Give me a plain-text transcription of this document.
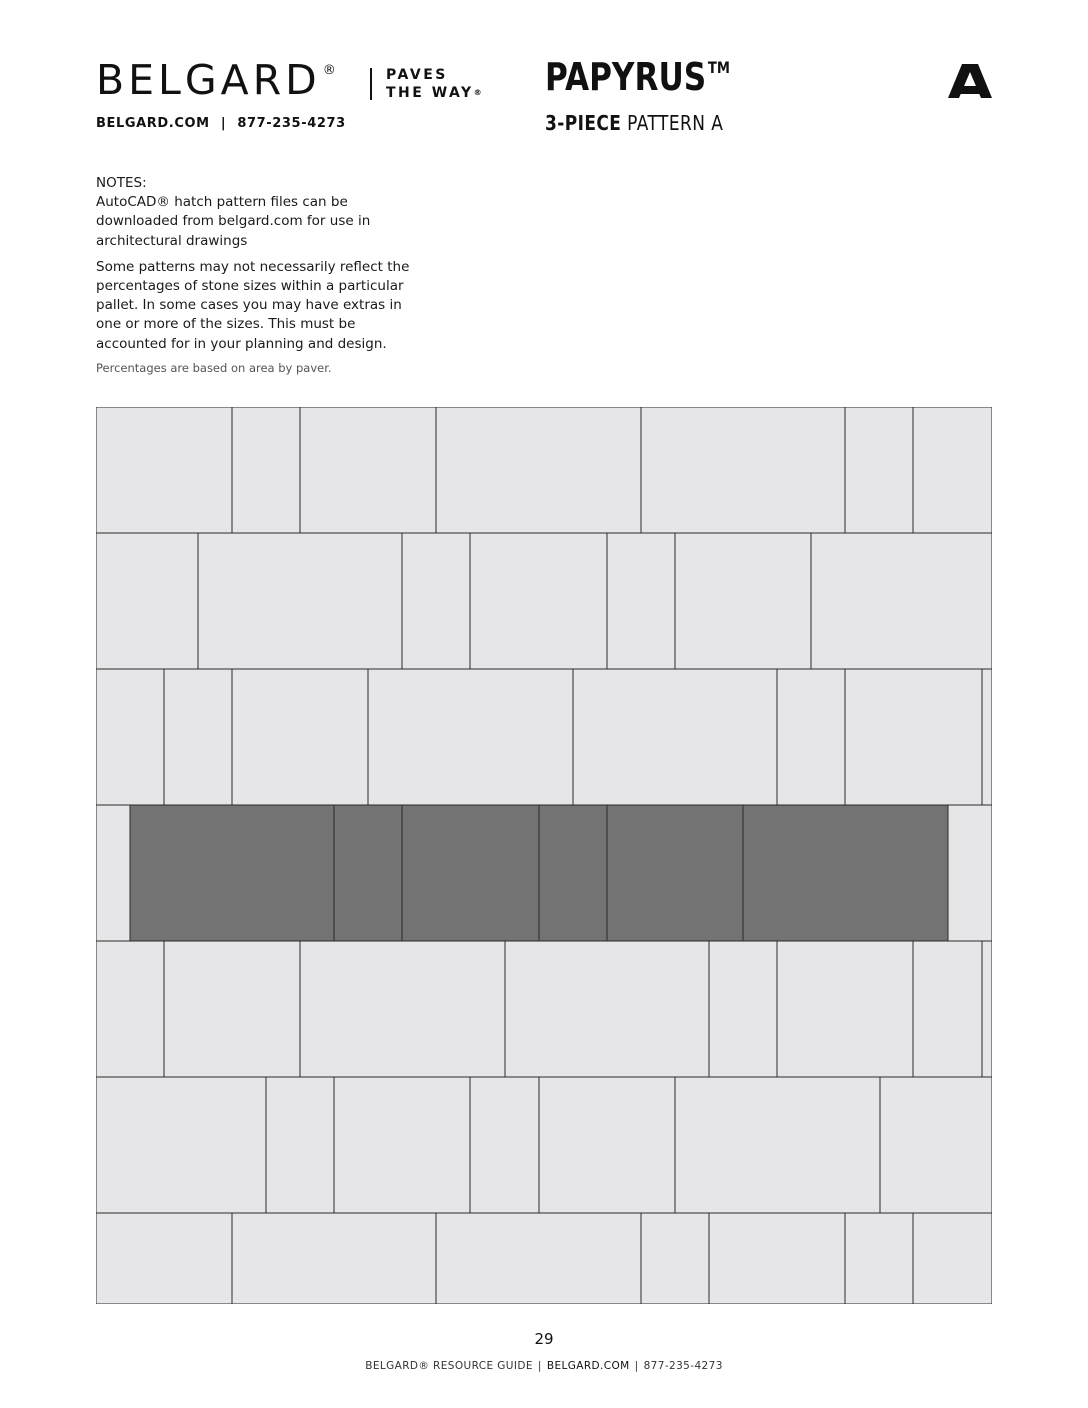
BELGARD ®	PAVES
THE WAY®
BELGARD.COM | 877-235-4273
PAPYRUS ™
3-PIECE PATTERN A

NOTES:

AutoCAD® hatch pattern files can be downloaded from belgard.com for use in architectural drawings

Some patterns may not necessarily reflect the percentages of stone sizes within a particular pallet. In some cases you may have extras in one or more of the sizes. This must be accounted for in your planning and design.

Percentages are based on area by paver.

29
BELGARD® RESOURCE GUIDE | BELGARD.COM | 877-235-4273
